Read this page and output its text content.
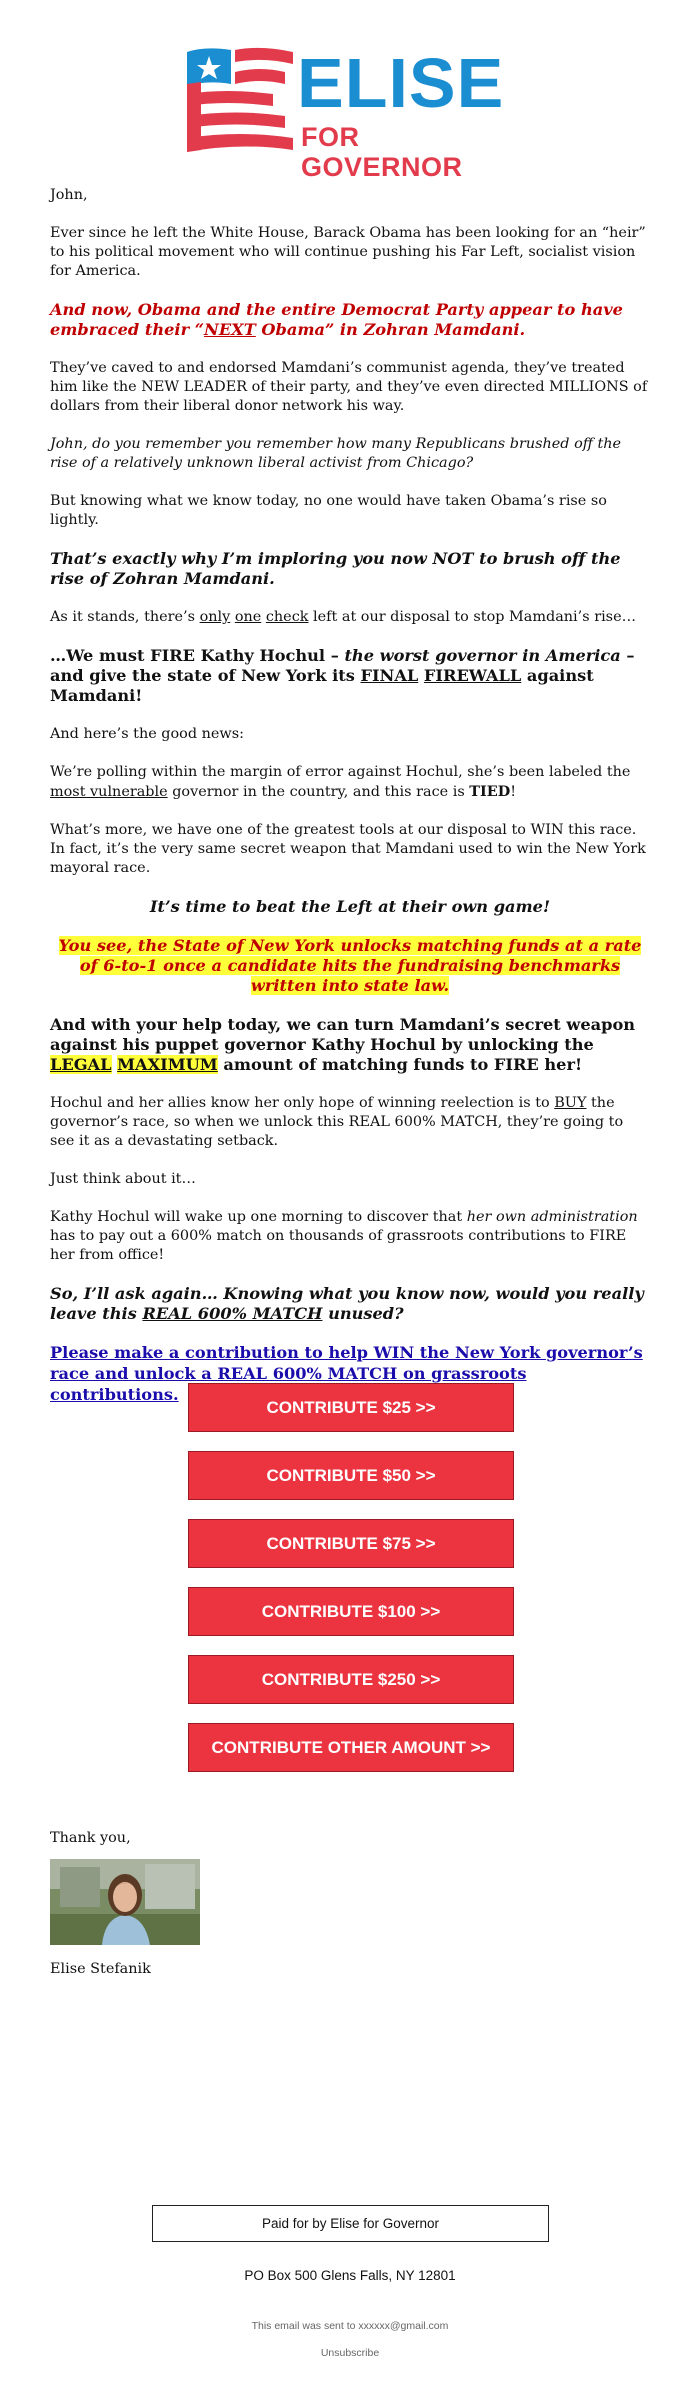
ELISE
FOR GOVERNOR

John,

Ever since he left the White House, Barack Obama has been looking for an “heir” to his political movement who will continue pushing his Far Left, socialist vision for America.

And now, Obama and the entire Democrat Party appear to have embraced their “NEXT Obama” in Zohran Mamdani.

They’ve caved to and endorsed Mamdani’s communist agenda, they’ve treated him like the NEW LEADER of their party, and they’ve even directed MILLIONS of dollars from their liberal donor network his way.

John, do you remember you remember how many Republicans brushed off the rise of a relatively unknown liberal activist from Chicago?

But knowing what we know today, no one would have taken Obama’s rise so lightly.

That’s exactly why I’m imploring you now NOT to brush off the rise of Zohran Mamdani.

As it stands, there’s only one check left at our disposal to stop Mamdani’s rise…

…We must FIRE Kathy Hochul – the worst governor in America – and give the state of New York its FINAL FIREWALL against Mamdani!

And here’s the good news:

We’re polling within the margin of error against Hochul, she’s been labeled the most vulnerable governor in the country, and this race is TIED!

What’s more, we have one of the greatest tools at our disposal to WIN this race. In fact, it’s the very same secret weapon that Mamdani used to win the New York mayoral race.

It’s time to beat the Left at their own game!

You see, the State of New York unlocks matching funds at a rate of 6-to-1 once a candidate hits the fundraising benchmarks written into state law.

And with your help today, we can turn Mamdani’s secret weapon against his puppet governor Kathy Hochul by unlocking the LEGAL MAXIMUM amount of matching funds to FIRE her!

Hochul and her allies know her only hope of winning reelection is to BUY the governor’s race, so when we unlock this REAL 600% MATCH, they’re going to see it as a devastating setback.

Just think about it…

Kathy Hochul will wake up one morning to discover that her own administration has to pay out a 600% match on thousands of grassroots contributions to FIRE her from office!

So, I’ll ask again… Knowing what you know now, would you really leave this REAL 600% MATCH unused?

Please make a contribution to help WIN the New York governor’s race and unlock a REAL 600% MATCH on grassroots contributions.

CONTRIBUTE $25 >>
CONTRIBUTE $50 >>
CONTRIBUTE $75 >>
CONTRIBUTE $100 >>
CONTRIBUTE $250 >>
CONTRIBUTE OTHER AMOUNT >>
Thank you,
Elise Stefanik
Paid for by Elise for Governor
PO Box 500 Glens Falls, NY 12801
This email was sent to xxxxxx@gmail.com
Unsubscribe
